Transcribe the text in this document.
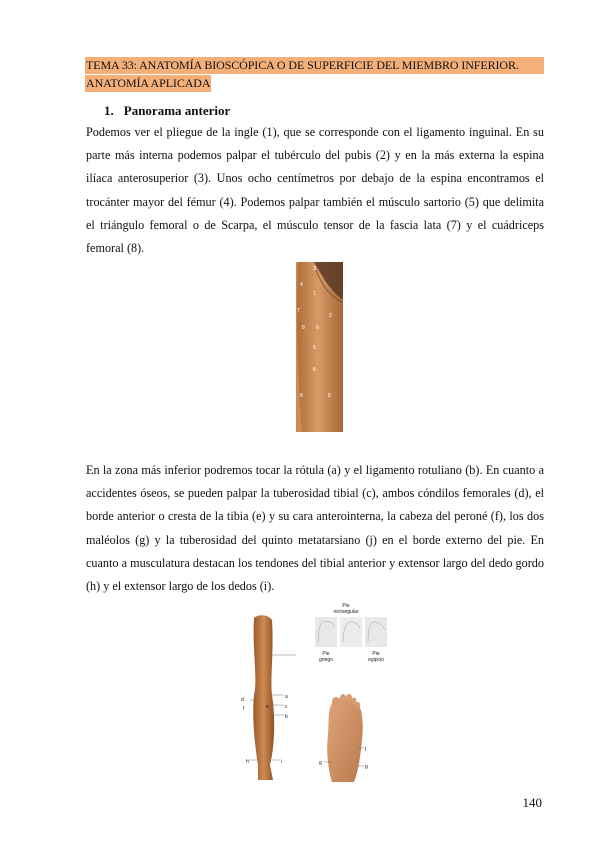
TEMA 33: ANATOMÍA BIOSCÓPICA O DE SUPERFICIE DEL MIEMBRO INFERIOR.
ANATOMÍA APLICADA
1. Panorama anterior

Podemos ver el pliegue de la ingle (1), que se corresponde con el ligamento inguinal. En su parte más interna podemos palpar el tubérculo del pubis (2) y en la más externa la espina ilíaca anterosuperior (3). Unos ocho centímetros por debajo de la espina encontramos el trocánter mayor del fémur (4). Podemos palpar también el músculo sartorio (5) que delimita el triángulo femoral o de Scarpa, el músculo tensor de la fascia lata (7) y el cuádriceps femoral (8).

3
4
1
7
2
8 6
5
8
8	8

En la zona más inferior podremos tocar la rótula (a) y el ligamento rotuliano (b). En cuanto a accidentes óseos, se pueden palpar la tuberosidad tibial (c), ambos cóndilos femorales (d), el borde anterior o cresta de la tibia (e) y su cara anterointerna, la cabeza del peroné (f), los dos maléolos (g) y la tuberosidad del quinto metatarsiano (j) en el borde externo del pie. En cuanto a musculatura destacan los tendones del tibial anterior y extensor largo del dedo gordo (h) y el extensor largo de los dedos (i).

d	a
c
b
e
f
h	i
Pie
rectangular
Pie
griego
Pie
egipcio
j
g
g
140
